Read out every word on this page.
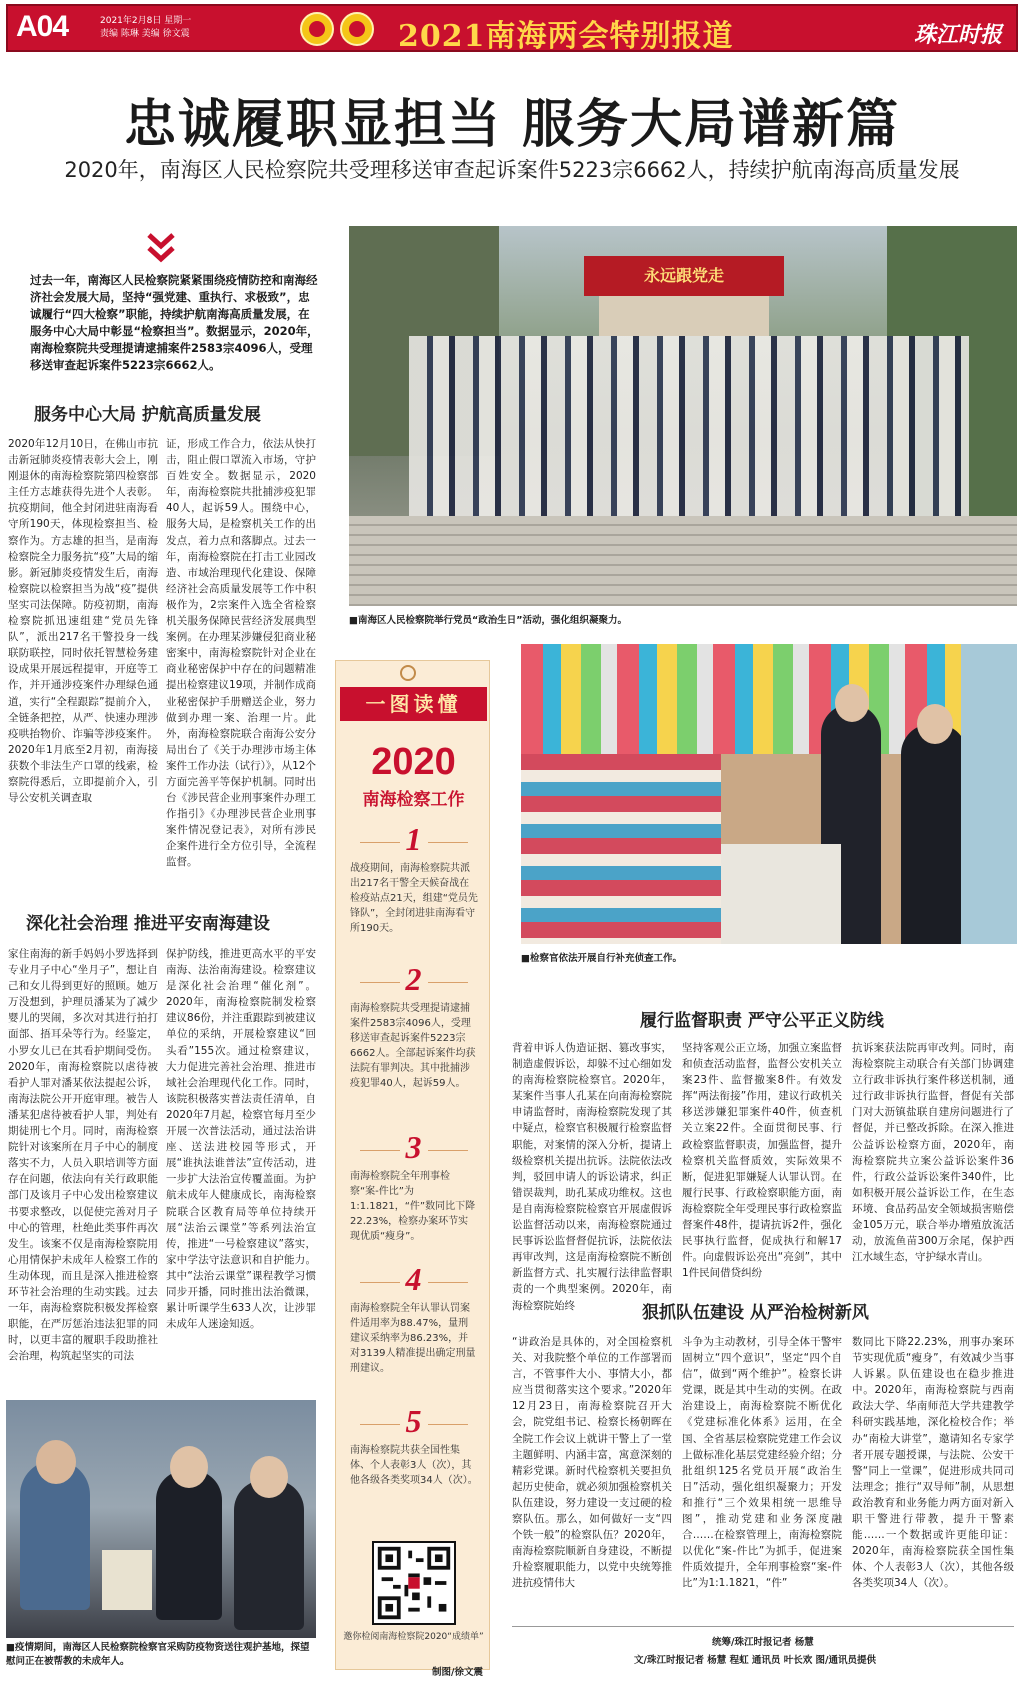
A04	2021年2月8日 星期一
责编 陈琳 美编 徐文震	2021南海两会特别报道	珠江时报
忠诚履职显担当 服务大局谱新篇
2020年，南海区人民检察院共受理移送审查起诉案件5223宗6662人，持续护航南海高质量发展
过去一年，南海区人民检察院紧紧围绕疫情防控和南海经济社会发展大局，坚持“强党建、重执行、求极致”，忠诚履行“四大检察”职能，持续护航南海高质量发展，在服务中心大局中彰显“检察担当”。数据显示，2020年，南海检察院共受理提请逮捕案件2583宗4096人，受理移送审查起诉案件5223宗6662人。
服务中心大局 护航高质量发展
2020年12月10日，在佛山市抗击新冠肺炎疫情表彰大会上，刚刚退休的南海检察院第四检察部主任方志雄获得先进个人表彰。抗疫期间，他全封闭进驻南海看守所190天，体现检察担当、检察作为。方志雄的担当，是南海检察院全力服务抗“疫”大局的缩影。新冠肺炎疫情发生后，南海检察院以检察担当为战“疫”提供坚实司法保障。防疫初期，南海检察院抓迅速组建“党员先锋队”，派出217名干警投身一线联防联控，同时依托智慧检务建设成果开展远程提审，开庭等工作，并开通涉疫案件办理绿色通道，实行“全程跟踪”提前介入，全链条把控，从严、快速办理涉疫哄抬物价、诈骗等涉疫案件。2020年1月底至2月初，南海接获数个非法生产口罩的线索，检察院得悉后，立即提前介入，引导公安机关调查取
证，形成工作合力，依法从快打击，阻止假口罩流入市场，守护百姓安全。数据显示，2020年，南海检察院共批捕涉疫犯罪40人，起诉59人。围绕中心，服务大局，是检察机关工作的出发点，着力点和落脚点。过去一年，南海检察院在打击工业园改造、市域治理现代化建设、保障经济社会高质量发展等工作中积极作为，2宗案件入选全省检察机关服务保障民营经济发展典型案例。在办理某涉嫌侵犯商业秘密案中，南海检察院针对企业在商业秘密保护中存在的问题精准提出检察建议19项，并制作成商业秘密保护手册赠送企业，努力做到办理一案、治理一片。此外，南海检察院联合南海公安分局出台了《关于办理涉市场主体案件工作办法（试行）》，从12个方面完善平等保护机制。同时出台《涉民营企业刑事案件办理工作指引》《办理涉民营企业刑事案件情况登记表》，对所有涉民企案件进行全方位引导，全流程监督。
深化社会治理 推进平安南海建设
家住南海的新手妈妈小罗选择到专业月子中心“坐月子”，想让自己和女儿得到更好的照顾。她万万没想到，护理员潘某为了减少婴儿的哭闹，多次对其进行拍打面部、捂耳朵等行为。经鉴定，小罗女儿已在其看护期间受伤。2020年，南海检察院以虐待被看护人罪对潘某依法提起公诉，南海法院公开开庭审理。被告人潘某犯虐待被看护人罪，判处有期徒刑七个月。同时，南海检察院针对该案所在月子中心的制度落实不力，人员入职培训等方面存在问题，依法向有关行政职能部门及该月子中心发出检察建议书要求整改，以促使完善对月子中心的管理，杜绝此类事件再次发生。该案不仅是南海检察院用心用情保护未成年人检察工作的生动体现，而且是深入推进检察环节社会治理的生动实践。过去一年，南海检察院积极发挥检察职能，在严厉惩治违法犯罪的同时，以更丰富的履职手段助推社会治理，构筑起坚实的司法
保护防线，推进更高水平的平安南海、法治南海建设。检察建议是深化社会治理“催化剂”。2020年，南海检察院制发检察建议86份，并注重跟踪到被建议单位的采纳，开展检察建议“回头看”155次。通过检察建议，大力促进完善社会治理、推进市域社会治理现代化工作。同时，该院积极落实普法责任清单，自2020年7月起，检察官每月至少开展一次普法活动，通过法治讲座、送法进校园等形式，开展“谁执法谁普法”宣传活动，进一步扩大法治宣传覆盖面。为护航未成年人健康成长，南海检察院联合区教育局等单位持续开展“法治云课堂”等系列法治宣传，推进“一号检察建议”落实，家中学法守法意识和自护能力。其中“法治云课堂”课程教学习惯同步开播，同时推出法治微课，累计听课学生633人次，让涉罪未成年人迷途知返。
■疫情期间，南海区人民检察院检察官采购防疫物资送往观护基地，探望慰问正在被帮教的未成年人。
永远跟党走
■南海区人民检察院举行党员“政治生日”活动，强化组织凝聚力。
■检察官依法开展自行补充侦查工作。
一图读懂
2020
南海检察工作
1
战疫期间，南海检察院共派出217名干警全天候奋战在检疫站点21天，组建“党员先锋队”，全封闭进驻南海看守所190天。
2
南海检察院共受理提请逮捕案件2583宗4096人，受理移送审查起诉案件5223宗6662人。全部起诉案件均获法院有罪判决。其中批捕涉疫犯罪40人，起诉59人。
3
南海检察院全年刑事检察“案-件比”为1:1.1821，“件”数同比下降22.23%，检察办案环节实现优质“瘦身”。
4
南海检察院全年认罪认罚案件适用率为88.47%，量刑建议采纳率为86.23%，并对3139人精准提出确定刑量刑建议。
5
南海检察院共获全国性集体、个人表彰3人（次），其他各级各类奖项34人（次）。
邀你检阅南海检察院2020“成绩单”
制图/徐文震
履行监督职责 严守公平正义防线
背着申诉人伪造证据、篡改事实，制造虚假诉讼，却躲不过心细如发的南海检察院检察官。2020年，某案件当事人孔某在向南海检察院申请监督时，南海检察院发现了其中疑点，检察官积极履行检察监督职能，对案情的深入分析，提请上级检察机关提出抗诉。法院依法改判，驳回申请人的诉讼请求，纠正错误裁判，助孔某成功维权。这也是自南海检察院检察官开展虚假诉讼监督活动以来，南海检察院通过民事诉讼监督督促抗诉，法院依法再审改判，这是南海检察院不断创新监督方式、扎实履行法律监督职责的一个典型案例。2020年，南海检察院始终
坚持客观公正立场，加强立案监督和侦查活动监督，监督公安机关立案23件、监督撤案8件。有效发挥“两法衔接”作用，建议行政机关移送涉嫌犯罪案件40件，侦查机关立案22件。全面贯彻民事、行政检察监督职责，加强监督，提升检察机关监督质效，实际效果不断，促进犯罪嫌疑人认罪认罚。在履行民事、行政检察职能方面，南海检察院全年受理民事行政检察监督案件48件，提请抗诉2件，强化民事执行监督，促成执行和解17件。向虚假诉讼亮出“亮剑”，其中1件民间借贷纠纷
抗诉案获法院再审改判。同时，南海检察院主动联合有关部门协调建立行政非诉执行案件移送机制，通过行政非诉执行监督，督促有关部门对大沥镇盐联自建房问题进行了督促，并已整改拆除。在深入推进公益诉讼检察方面，2020年，南海检察院共立案公益诉讼案件36件，行政公益诉讼案件340件，比如积极开展公益诉讼工作，在生态环境、食品药品安全领域损害赔偿金105万元，联合举办增殖放流活动，放流鱼苗300万余尾，保护西江水域生态，守护绿水青山。
狠抓队伍建设 从严治检树新风
“讲政治是具体的，对全国检察机关、对我院整个单位的工作部署而言，不管事件大小、事情大小，都应当贯彻落实这个要求。”2020年12月23日，南海检察院召开大会，院党组书记、检察长杨朝晖在全院工作会议上就讲干警上了一堂主题鲜明、内涵丰富，寓意深刻的精彩党课。新时代检察机关要担负起历史使命，就必须加强检察机关队伍建设，努力建设一支过硬的检察队伍。那么，如何做好一支“四个铁一般”的检察队伍？2020年，南海检察院顺新自身建设，不断提升检察履职能力，以党中央统筹推进抗疫情伟大
斗争为主动教材，引导全体干警牢固树立“四个意识”，坚定“四个自信”，做到“两个维护”。检察长讲党课，既是其中生动的实例。在政治建设上，南海检察院不断优化《党建标准化体系》运用，在全国、全省基层检察院党建工作会议上做标准化基层党建经验介绍；分批组织125名党员开展“政治生日”活动，强化组织凝聚力；开发和推行“三个效果相统一思维导图”，推动党建和业务深度融合……在检察管理上，南海检察院以优化“案-件比”为抓手，促进案件质效提升，全年刑事检察“案-件比”为1:1.1821，“件”
数同比下降22.23%，刑事办案环节实现优质“瘦身”，有效减少当事人诉累。队伍建设也在稳步推进中。2020年，南海检察院与西南政法大学、华南师范大学共建教学科研实践基地，深化检校合作；举办“南检大讲堂”，邀请知名专家学者开展专题授课，与法院、公安干警“同上一堂课”，促进形成共同司法理念；推行“双导师”制，从思想政治教育和业务能力两方面对新入职干警进行带教，提升干警素能……一个数据或许更能印证：2020年，南海检察院获全国性集体、个人表彰3人（次），其他各级各类奖项34人（次）。
统筹/珠江时报记者 杨慧
文/珠江时报记者 杨慧 程虹 通讯员 叶长欢 图/通讯员提供
